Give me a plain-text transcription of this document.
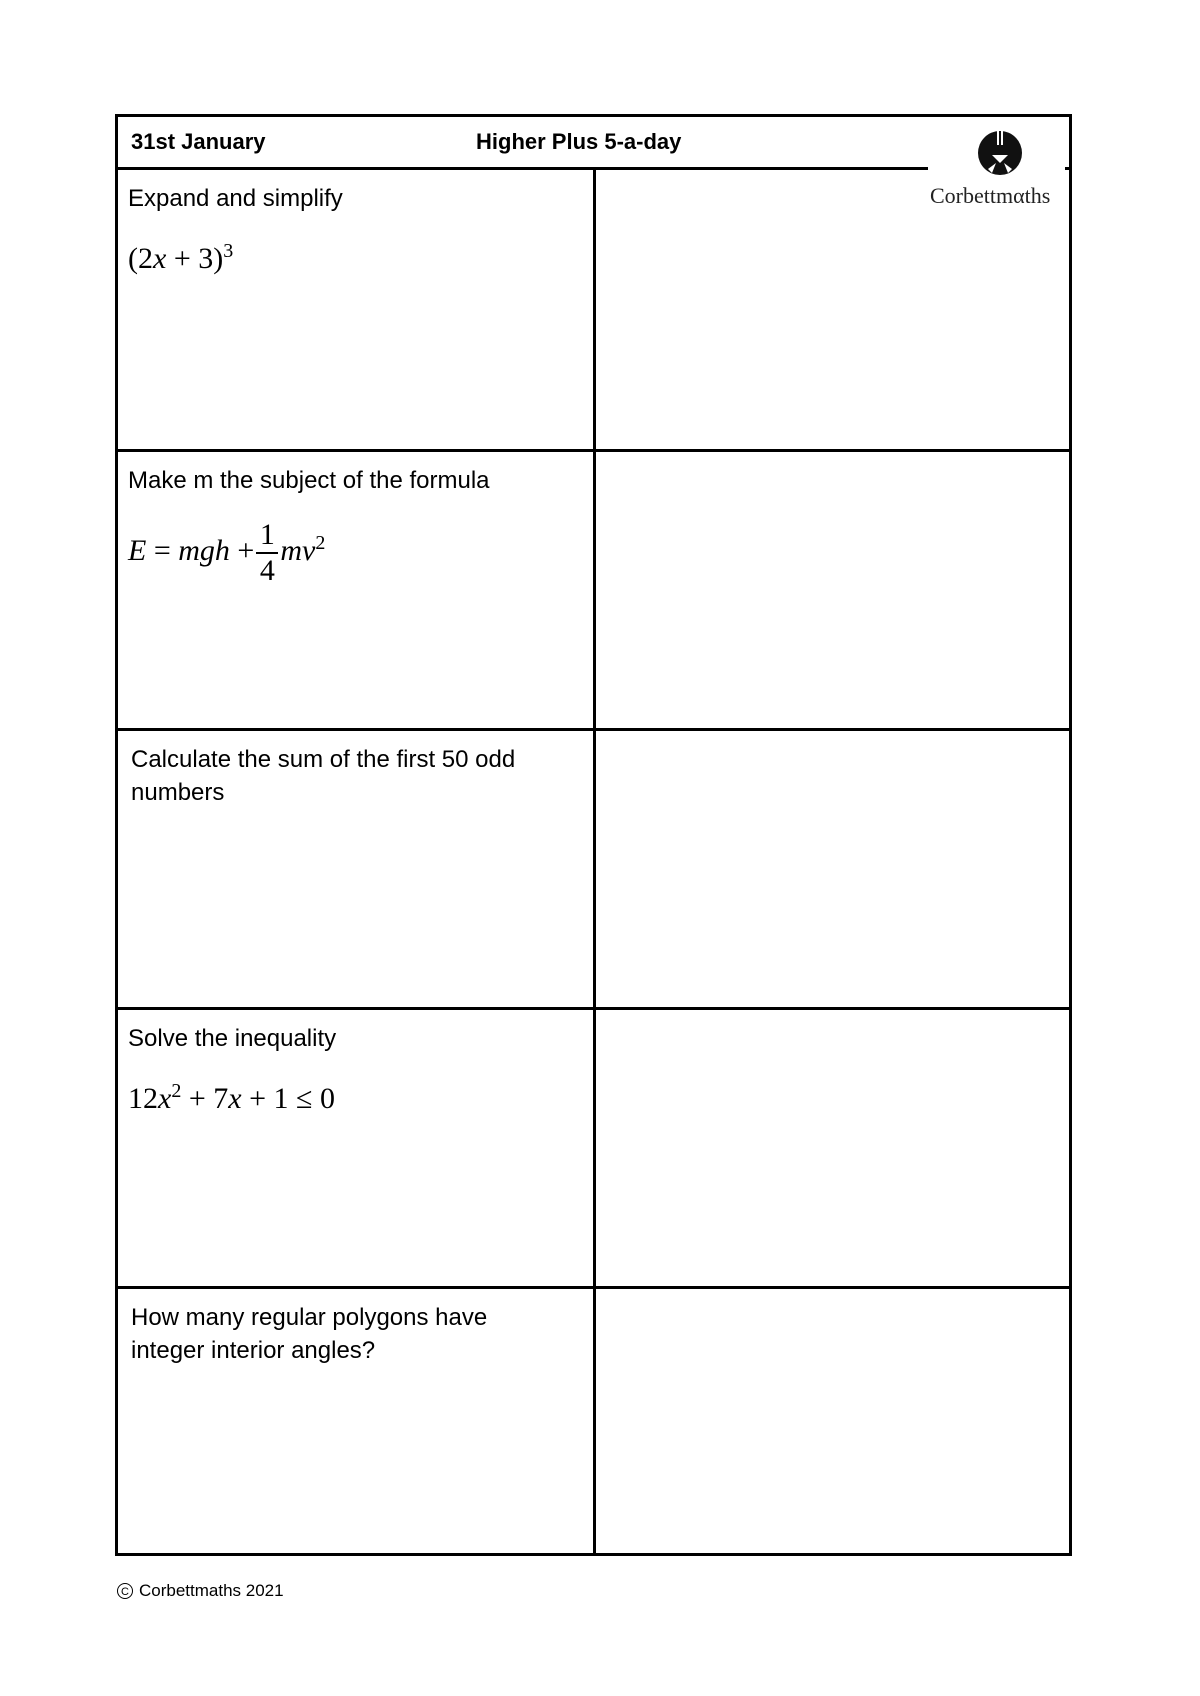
31st January	Higher Plus 5-a-day
Corbettmαths
Expand and simplify
$(2x + 3)^3$
Make m the subject of the formula
E = mgh + $\frac{1}{4} mv^2$
Calculate the sum of the first 50 odd numbers
Solve the inequality
$12x^2 + 7x + 1 \le 0$
How many regular polygons have integer interior angles?
C Corbettmaths 2021
